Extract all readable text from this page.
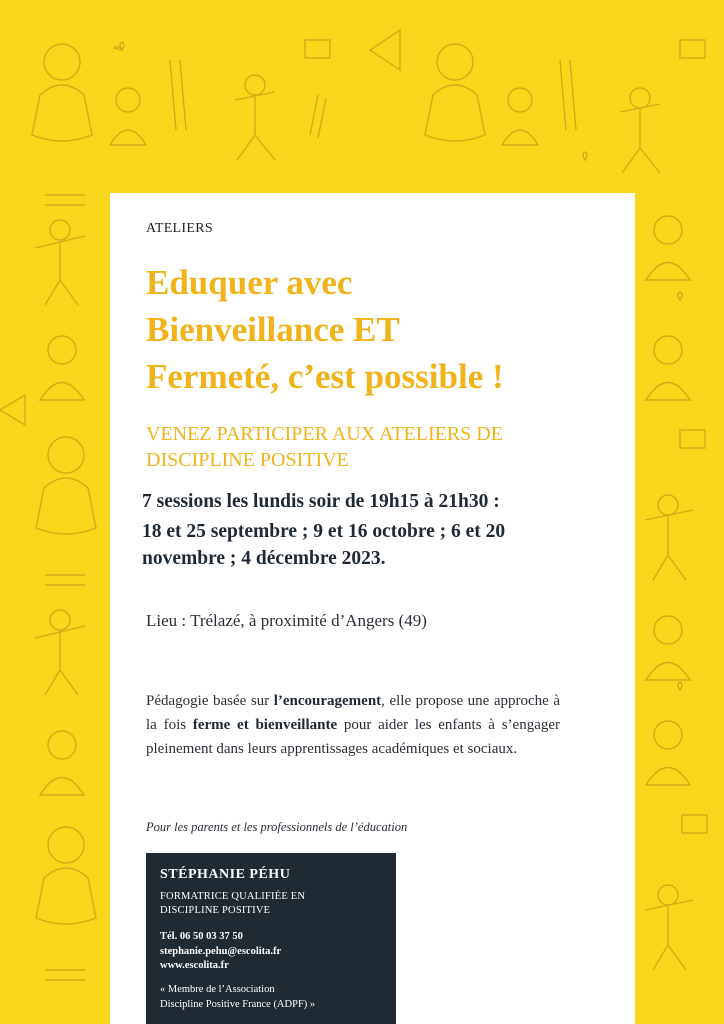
ATELIERS
Eduquer avec
Bienveillance ET
Fermeté, c’est possible !
VENEZ PARTICIPER AUX ATELIERS DE
DISCIPLINE POSITIVE
7 sessions les lundis soir de 19h15 à 21h30 :
18 et 25 septembre ; 9 et 16 octobre ; 6 et 20
novembre ; 4 décembre 2023.
Lieu : Trélazé, à proximité d’Angers (49)
Pédagogie basée sur l’encouragement, elle propose une approche à la fois ferme et bienveillante pour aider les enfants à s’engager pleinement dans leurs apprentissages académiques et sociaux.
Pour les parents et les professionnels de l’éducation
STÉPHANIE PÉHU
FORMATRICE QUALIFIÉE EN
DISCIPLINE POSITIVE
Tél. 06 50 03 37 50
stephanie.pehu@escolita.fr
www.escolita.fr
« Membre de l’Association
Discipline Positive France (ADPF) »
